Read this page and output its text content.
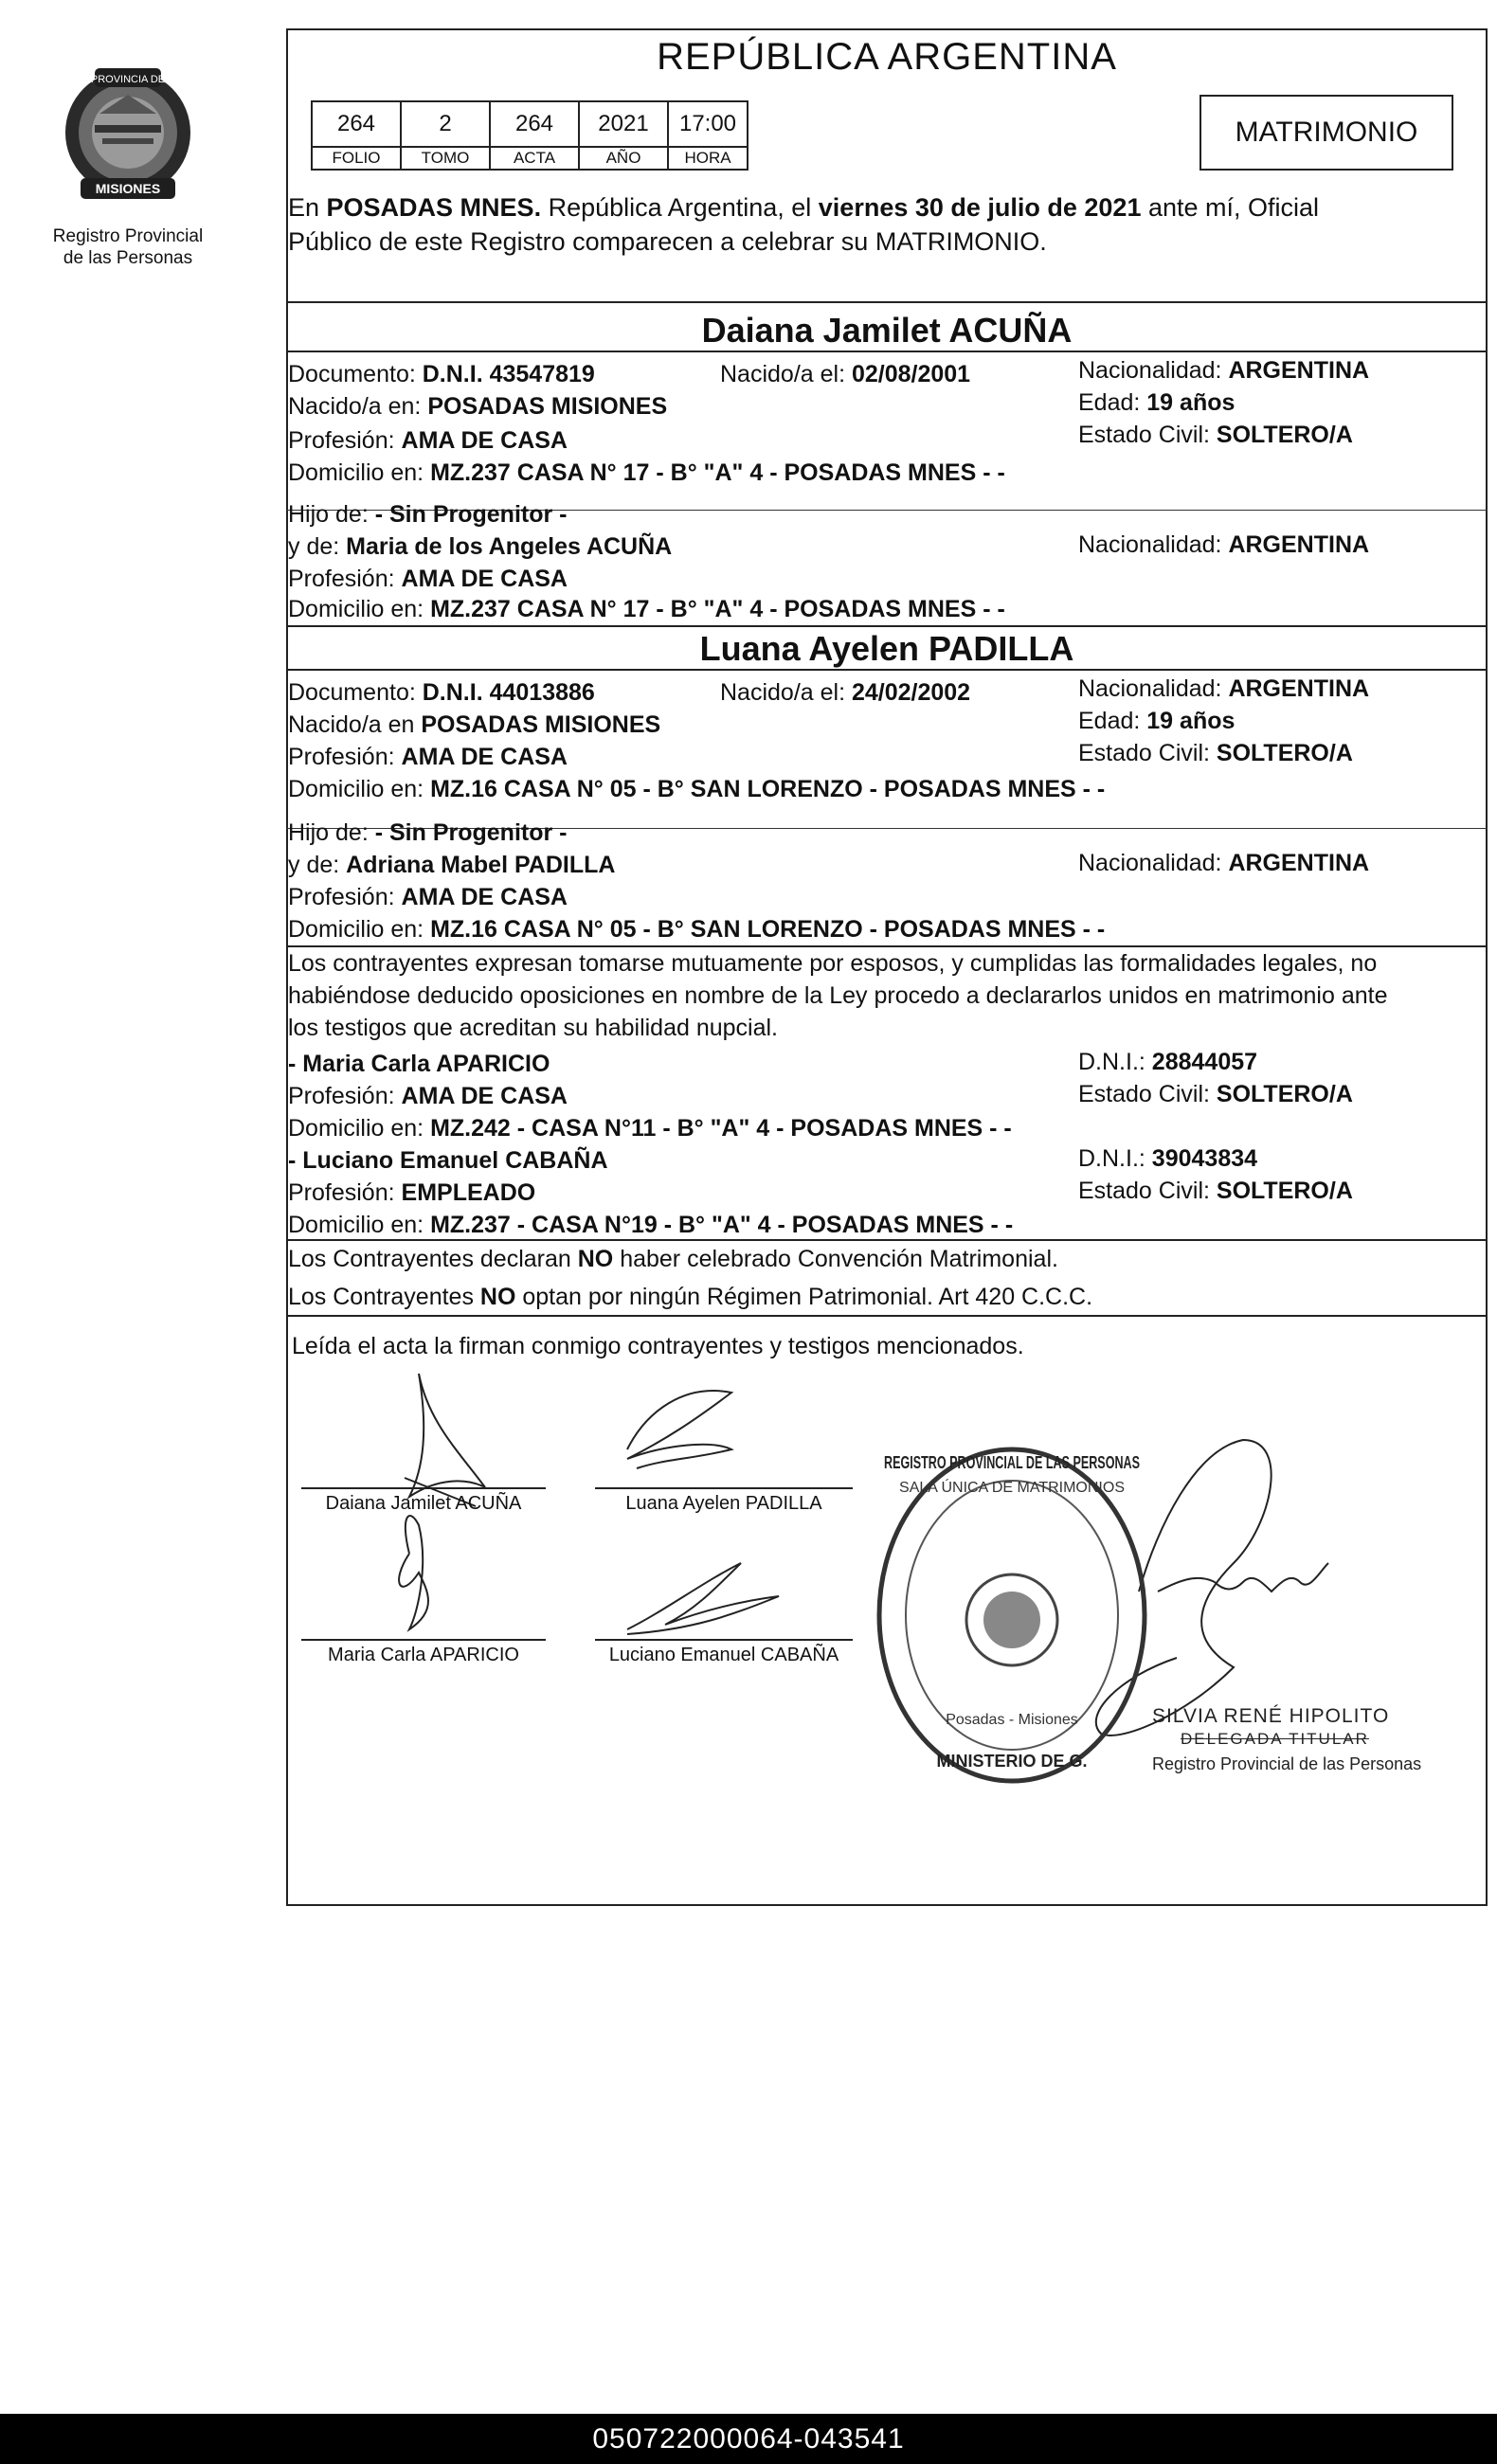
PROVINCIA DE
MISIONES
Registro Provincial
de las Personas
REPÚBLICA ARGENTINA
264	2	264	2021	17:00
FOLIO	TOMO	ACTA	AÑO	HORA
MATRIMONIO
En POSADAS MNES. República Argentina, el viernes 30 de julio de 2021 ante mí, Oficial
Público de este Registro comparecen a celebrar su MATRIMONIO.
Daiana Jamilet ACUÑA
Documento: D.N.I. 43547819	Nacido/a el: 02/08/2001	Nacionalidad: ARGENTINA
Nacido/a en: POSADAS MISIONES	Edad: 19 años
Profesión: AMA DE CASA	Estado Civil: SOLTERO/A
Domicilio en: MZ.237 CASA N° 17 - B° "A" 4 - POSADAS MNES - -
Hijo de: - Sin Progenitor -
y de: Maria de los Angeles ACUÑA	Nacionalidad: ARGENTINA
Profesión: AMA DE CASA
Domicilio en: MZ.237 CASA N° 17 - B° "A" 4 - POSADAS MNES - -
Luana Ayelen PADILLA
Documento: D.N.I. 44013886	Nacido/a el: 24/02/2002	Nacionalidad: ARGENTINA
Nacido/a en POSADAS MISIONES	Edad: 19 años
Profesión: AMA DE CASA	Estado Civil: SOLTERO/A
Domicilio en: MZ.16 CASA N° 05 - B° SAN LORENZO - POSADAS MNES - -
Hijo de: - Sin Progenitor -
y de: Adriana Mabel PADILLA	Nacionalidad: ARGENTINA
Profesión: AMA DE CASA
Domicilio en: MZ.16 CASA N° 05 - B° SAN LORENZO - POSADAS MNES - -
Los contrayentes expresan tomarse mutuamente por esposos, y cumplidas las formalidades legales, no
habiéndose deducido oposiciones en nombre de la Ley procedo a declararlos unidos en matrimonio ante
los testigos que acreditan su habilidad nupcial.
- Maria Carla APARICIO	D.N.I.: 28844057
Profesión: AMA DE CASA	Estado Civil: SOLTERO/A
Domicilio en: MZ.242 - CASA N°11 - B° "A" 4 - POSADAS MNES - -
- Luciano Emanuel CABAÑA	D.N.I.: 39043834
Profesión: EMPLEADO	Estado Civil: SOLTERO/A
Domicilio en: MZ.237 - CASA N°19 - B° "A" 4 - POSADAS MNES - -
Los Contrayentes declaran NO haber celebrado Convención Matrimonial.
Los Contrayentes NO optan por ningún Régimen Patrimonial. Art 420 C.C.C.
Leída el acta la firman conmigo contrayentes y testigos mencionados.
Daiana Jamilet ACUÑA	Luana Ayelen PADILLA
Maria Carla APARICIO	Luciano Emanuel CABAÑA
SALA ÚNICA DE MATRIMONIOS
REGISTRO PROVINCIAL DE LAS PERSONAS
Posadas - Misiones
MINISTERIO DE G.
SILVIA RENÉ HIPOLITO
DELEGADA TITULAR
Registro Provincial de las Personas
050722000064-043541
